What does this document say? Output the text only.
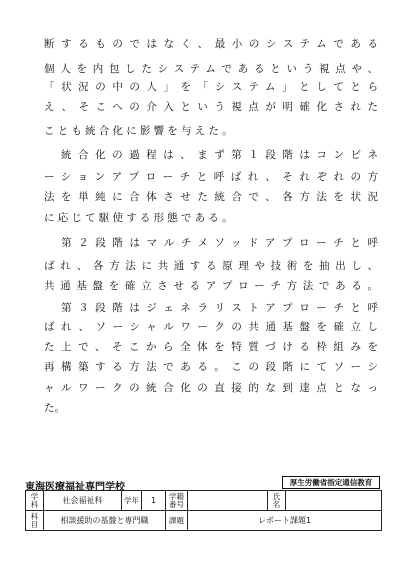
断するものではなく、最小のシステムである
個人を内包したシステムであるという視点や、
「状況の中の人」を「システム」としてとら
え、そこへの介入という視点が明確化された
ことも統合化に影響を与えた。
　統合化の過程は、まず第１段階はコンビネ
ーションアプローチと呼ばれ、それぞれの方
法を単純に合体させた統合で、各方法を状況
に応じて駆使する形態である。
　第２段階はマルチメソッドアプローチと呼
ばれ、各方法に共通する原理や技術を抽出し、
共通基盤を確立させるアプローチ方法である。
　第３段階はジェネラリストアプローチと呼
ばれ、ソーシャルワークの共通基盤を確立し
た上で、そこから全体を特質づける枠組みを
再構築する方法である。この段階にてソーシ
ャルワークの統合化の直接的な到達点となっ
た。
東海医療福祉専門学校	厚生労働省指定通信教育
学科	社会福祉科	学年	1	学籍番号		氏名	
科目	相談援助の基盤と専門職			課題	レポート課題1		
